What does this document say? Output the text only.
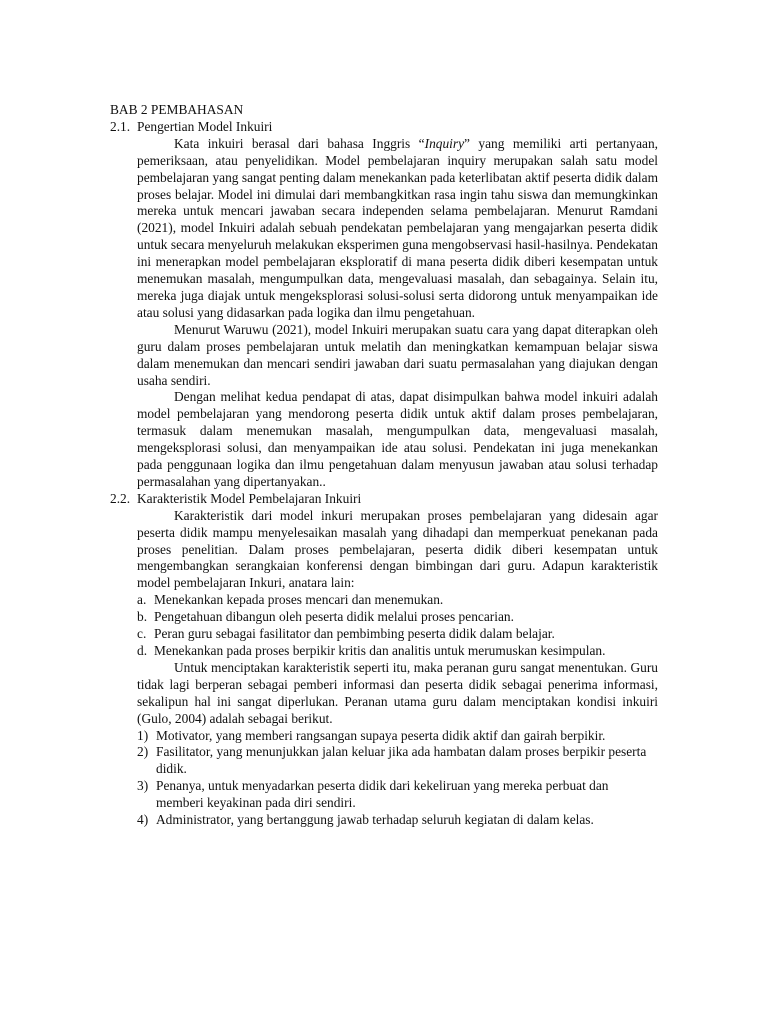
BAB 2 PEMBAHASAN

2.1. Pengertian Model Inkuiri

Kata inkuiri berasal dari bahasa Inggris “Inquiry” yang memiliki arti pertanyaan, pemeriksaan, atau penyelidikan. Model pembelajaran inquiry merupakan salah satu model pembelajaran yang sangat penting dalam menekankan pada keterlibatan aktif peserta didik dalam proses belajar. Model ini dimulai dari membangkitkan rasa ingin tahu siswa dan memungkinkan mereka untuk mencari jawaban secara independen selama pembelajaran. Menurut Ramdani (2021), model Inkuiri adalah sebuah pendekatan pembelajaran yang mengajarkan peserta didik untuk secara menyeluruh melakukan eksperimen guna mengobservasi hasil-hasilnya. Pendekatan ini menerapkan model pembelajaran eksploratif di mana peserta didik diberi kesempatan untuk menemukan masalah, mengumpulkan data, mengevaluasi masalah, dan sebagainya. Selain itu, mereka juga diajak untuk mengeksplorasi solusi-solusi serta didorong untuk menyampaikan ide atau solusi yang didasarkan pada logika dan ilmu pengetahuan.

Menurut Waruwu (2021), model Inkuiri merupakan suatu cara yang dapat diterapkan oleh guru dalam proses pembelajaran untuk melatih dan meningkatkan kemampuan belajar siswa dalam menemukan dan mencari sendiri jawaban dari suatu permasalahan yang diajukan dengan usaha sendiri.

Dengan melihat kedua pendapat di atas, dapat disimpulkan bahwa model inkuiri adalah model pembelajaran yang mendorong peserta didik untuk aktif dalam proses pembelajaran, termasuk dalam menemukan masalah, mengumpulkan data, mengevaluasi masalah, mengeksplorasi solusi, dan menyampaikan ide atau solusi. Pendekatan ini juga menekankan pada penggunaan logika dan ilmu pengetahuan dalam menyusun jawaban atau solusi terhadap permasalahan yang dipertanyakan..

2.2. Karakteristik Model Pembelajaran Inkuiri

Karakteristik dari model inkuri merupakan proses pembelajaran yang didesain agar peserta didik mampu menyelesaikan masalah yang dihadapi dan memperkuat penekanan pada proses penelitian. Dalam proses pembelajaran, peserta didik diberi kesempatan untuk mengembangkan serangkaian konferensi dengan bimbingan dari guru. Adapun karakteristik model pembelajaran Inkuri, anatara lain:

a. Menekankan kepada proses mencari dan menemukan.
b. Pengetahuan dibangun oleh peserta didik melalui proses pencarian.
c. Peran guru sebagai fasilitator dan pembimbing peserta didik dalam belajar.
d. Menekankan pada proses berpikir kritis dan analitis untuk merumuskan kesimpulan.

Untuk menciptakan karakteristik seperti itu, maka peranan guru sangat menentukan. Guru tidak lagi berperan sebagai pemberi informasi dan peserta didik sebagai penerima informasi, sekalipun hal ini sangat diperlukan. Peranan utama guru dalam menciptakan kondisi inkuiri (Gulo, 2004) adalah sebagai berikut.

1) Motivator, yang memberi rangsangan supaya peserta didik aktif dan gairah berpikir.
2) Fasilitator, yang menunjukkan jalan keluar jika ada hambatan dalam proses berpikir peserta didik.
3) Penanya, untuk menyadarkan peserta didik dari kekeliruan yang mereka perbuat dan memberi keyakinan pada diri sendiri.
4) Administrator, yang bertanggung jawab terhadap seluruh kegiatan di dalam kelas.
